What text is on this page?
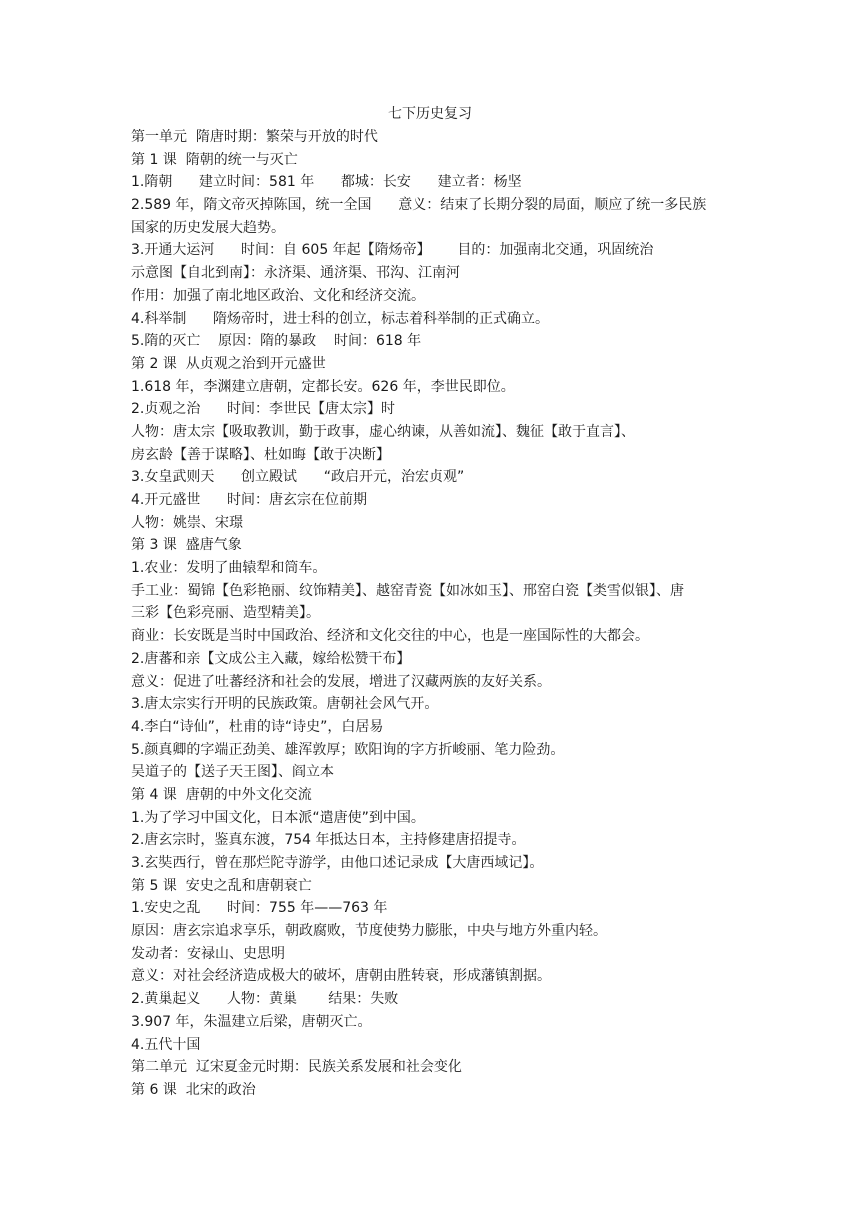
七下历史复习
第一单元  隋唐时期：繁荣与开放的时代
第 1 课  隋朝的统一与灭亡
1.隋朝      建立时间：581 年      都城：长安      建立者：杨坚
2.589 年，隋文帝灭掉陈国，统一全国      意义：结束了长期分裂的局面，顺应了统一多民族
国家的历史发展大趋势。
3.开通大运河      时间：自 605 年起【隋炀帝】      目的：加强南北交通，巩固统治
示意图【自北到南】：永济渠、通济渠、邗沟、江南河
作用：加强了南北地区政治、文化和经济交流。
4.科举制      隋炀帝时，进士科的创立，标志着科举制的正式确立。
5.隋的灭亡    原因：隋的暴政    时间：618 年
第 2 课  从贞观之治到开元盛世
1.618 年，李渊建立唐朝，定都长安。626 年，李世民即位。
2.贞观之治      时间：李世民【唐太宗】时
人物：唐太宗【吸取教训，勤于政事，虚心纳谏，从善如流】、魏征【敢于直言】、
房玄龄【善于谋略】、杜如晦【敢于决断】
3.女皇武则天      创立殿试      “政启开元，治宏贞观”
4.开元盛世      时间：唐玄宗在位前期
人物：姚崇、宋璟
第 3 课  盛唐气象
1.农业：发明了曲辕犁和筒车。
手工业：蜀锦【色彩艳丽、纹饰精美】、越窑青瓷【如冰如玉】、邢窑白瓷【类雪似银】、唐
三彩【色彩亮丽、造型精美】。
商业：长安既是当时中国政治、经济和文化交往的中心，也是一座国际性的大都会。
2.唐蕃和亲【文成公主入藏，嫁给松赞干布】
意义：促进了吐蕃经济和社会的发展，增进了汉藏两族的友好关系。
3.唐太宗实行开明的民族政策。唐朝社会风气开。
4.李白“诗仙”，杜甫的诗“诗史”，白居易
5.颜真卿的字端正劲美、雄浑敦厚；欧阳询的字方折峻丽、笔力险劲。
吴道子的【送子天王图】、阎立本
第 4 课  唐朝的中外文化交流
1.为了学习中国文化，日本派“遣唐使”到中国。
2.唐玄宗时，鉴真东渡，754 年抵达日本，主持修建唐招提寺。
3.玄奘西行，曾在那烂陀寺游学，由他口述记录成【大唐西域记】。
第 5 课  安史之乱和唐朝衰亡
1.安史之乱      时间：755 年——763 年
原因：唐玄宗追求享乐，朝政腐败，节度使势力膨胀，中央与地方外重内轻。
发动者：安禄山、史思明
意义：对社会经济造成极大的破坏，唐朝由胜转衰，形成藩镇割据。
2.黄巢起义      人物：黄巢       结果：失败
3.907 年，朱温建立后梁，唐朝灭亡。
4.五代十国
第二单元  辽宋夏金元时期：民族关系发展和社会变化
第 6 课  北宋的政治
